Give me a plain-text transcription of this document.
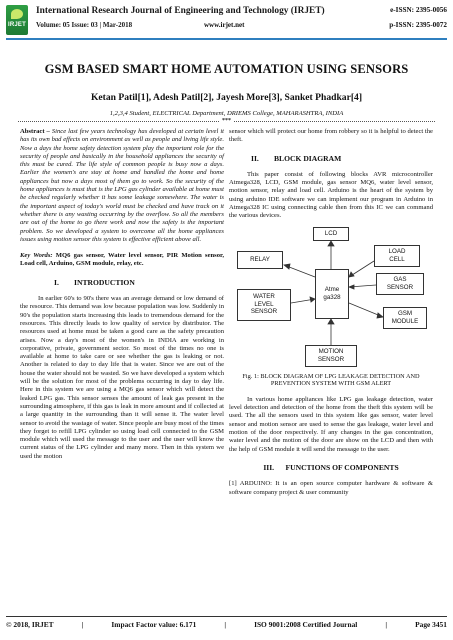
IRJET
International Research Journal of Engineering and Technology (IRJET)
Volume: 05 Issue: 03 | Mar-2018	www.irjet.net
e-ISSN: 2395-0056
p-ISSN: 2395-0072
GSM BASED SMART HOME AUTOMATION USING SENSORS
Ketan Patil[1], Adesh Patil[2], Jayesh More[3], Sanket Phadkar[4]
1,2,3,4 Student, ELECTRICAL Department, DRIEMS College, MAHARASHTRA, INDIA
***

Abstract – Since last few years technology has developed at certain level it has its own bad effects on environment as well as people and living life style. Now a days the home safety detection system play the important role for the security of people and basically in the household appliances the security of this must be cured. The life style of common people is busy now a days. Earlier the women's are stay at home and handled the home and home appliances but now a days most of them go to work. So the security of the home appliances is must that is the LPG gas cylinder available at home must be checked regularly whether it has some leakage somewhere. The water is the important aspect of today's world must be checked and have track on it whether there is any wasting occurring by the overflow. So all the members are out of the home to go there work and now the safety is the important problem. So we developed a system to overcome all the home appliances issues using motion sensor this system is effective efficient above all.

Key Words: MQ6 gas sensor, Water level sensor, PIR Motion sensor, Load cell, Arduino, GSM module, relay, etc.

I.        INTRODUCTION

In earlier 60's to 90's there was an average demand or low demand of the resource. This demand was low because population was low. Suddenly in 90's the population starts increasing this leads to tremendous demand for the resources. This directly leads to low quality of service by distributor. The resources used at home must be taken a good care as the safety precaution arises. Now a day's most of the women's in INDIA are working in corporative, private, government sector. So most of the times no one is available at home to take care or see whether the gas is leaking or not. Another is related to day to day life that is water. Since we are out of the house the water should not be wasted. So we have developed a system which will be the solution for most of the problems occurring in day to day life. Here in this system we are using a MQ6 gas sensor which will detect the leaked LPG gas. This sensor senses the amount of leak gas present in the surrounding atmosphere, if this gas is leak in more amount and if collected at a large quantity in the surrounding than it will sense it. The water level sensor to avoid the wastage of water. Since people are busy most of the times they forget to refill LPG cylinder so using load cell connected to the GSM module which will used the message to the user and the user will know the current status of the LPG cylinder and many more. Then in this system we used the motion

sensor which will protect our home from robbery so it is helpful to detect the theft.

II.        BLOCK DIAGRAM

This paper consist of following blocks AVR microcontroller Atmega328, LCD, GSM module, gas sensor MQ6, water level sensor, motion sensor, relay and load cell. Arduino is the heart of the system by using arduino IDE software we can implement our program in Arduino in Atmega328 IC using connecting cable then from this IC we can command the various devices.

LCD
RELAY
LOAD
CELL
GAS
SENSOR
Atme
ga328
WATER
LEVEL
SENSOR	GSM
MODULE
MOTION
SENSOR

Fig. 1: BLOCK DIAGRAM OF LPG LEAKAGE DETECTION AND PREVENTION SYSTEM WITH GSM ALERT

In various home appliances like LPG gas leakage detection, water level detection and detection of the home from the theft this system will be used. The all the sensors used in this system like gas sensor, water level sensor and motion sensor are used to sense the gas leakage, water level and motion of the door respectively. If any changes in the gas concentration, water level and the motion of the door are show on the LCD and then with the help of GSM module it will send the message to the user.

III.      FUNCTIONS OF COMPONENTS

[1] ARDUINO: It is an open source computer hardware & software & software company project & user community

© 2018, IRJET	|	Impact Factor value: 6.171	|	ISO 9001:2008 Certified Journal	|	Page 3451
